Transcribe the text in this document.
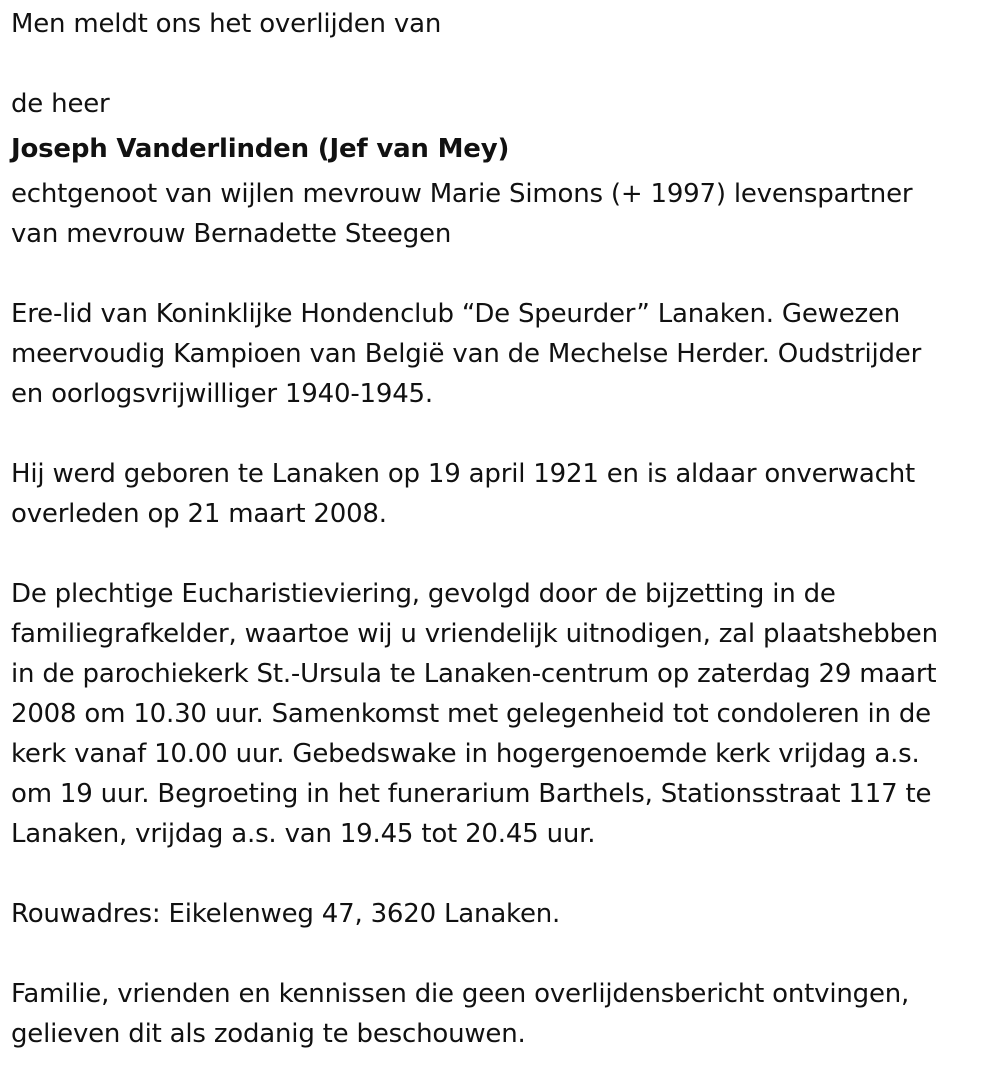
Men meldt ons het overlijden van

de heer

Joseph Vanderlinden (Jef van Mey)

echtgenoot van wijlen mevrouw Marie Simons (+ 1997) levenspartner
van mevrouw Bernadette Steegen

Ere-lid van Koninklijke Hondenclub “De Speurder” Lanaken. Gewezen
meervoudig Kampioen van België van de Mechelse Herder. Oudstrijder
en oorlogsvrijwilliger 1940-1945.

Hij werd geboren te Lanaken op 19 april 1921 en is aldaar onverwacht
overleden op 21 maart 2008.

De plechtige Eucharistieviering, gevolgd door de bijzetting in de
familiegrafkelder, waartoe wij u vriendelijk uitnodigen, zal plaatshebben
in de parochiekerk St.-Ursula te Lanaken-centrum op zaterdag 29 maart
2008 om 10.30 uur. Samenkomst met gelegenheid tot condoleren in de
kerk vanaf 10.00 uur. Gebedswake in hogergenoemde kerk vrijdag a.s.
om 19 uur. Begroeting in het funerarium Barthels, Stationsstraat 117 te
Lanaken, vrijdag a.s. van 19.45 tot 20.45 uur.

Rouwadres: Eikelenweg 47, 3620 Lanaken.

Familie, vrienden en kennissen die geen overlijdensbericht ontvingen,
gelieven dit als zodanig te beschouwen.
